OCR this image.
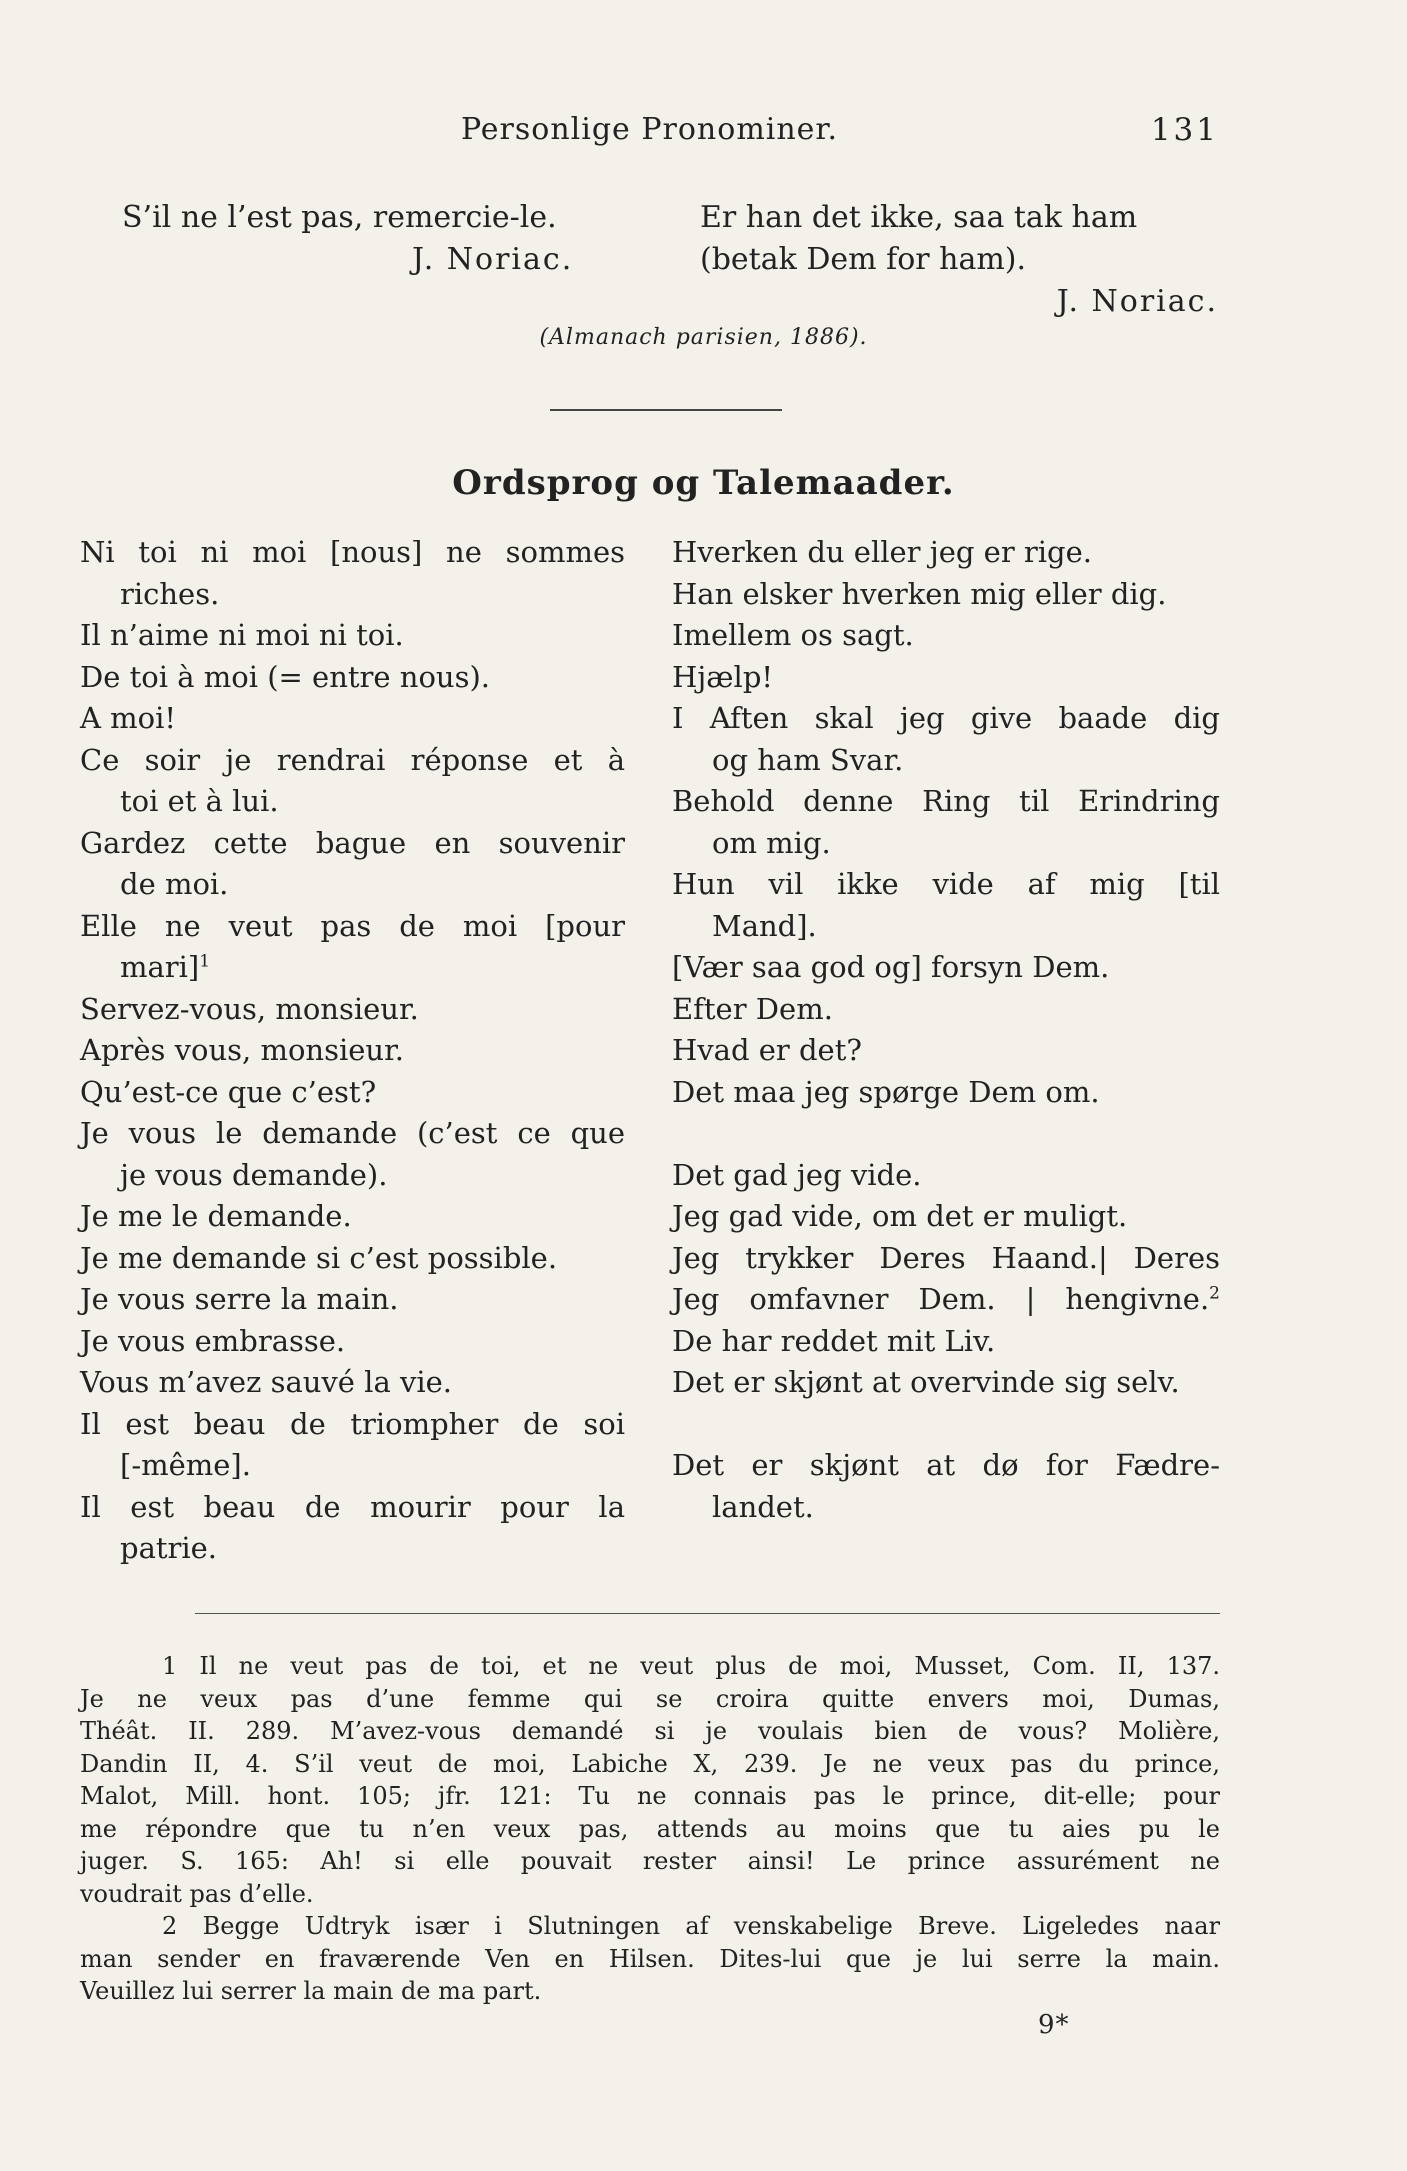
Personlige Pronominer.	131
S’il ne l’est pas, remercie-le.
J. Noriac.
Er han det ikke, saa tak ham
(betak Dem for ham).
J. Noriac.
(Almanach parisien, 1886).
Ordsprog og Talemaader.
Ni toi ni moi [nous] ne sommes
riches.
Il n’aime ni moi ni toi.
De toi à moi (= entre nous).
A moi!
Ce soir je rendrai réponse et à
toi et à lui.
Gardez cette bague en souvenir
de moi.
Elle ne veut pas de moi [pour
mari]$^1$
Servez-vous, monsieur.
Après vous, monsieur.
Qu’est-ce que c’est?
Je vous le demande (c’est ce que
je vous demande).
Je me le demande.
Je me demande si c’est possible.
Je vous serre la main.
Je vous embrasse.
Vous m’avez sauvé la vie.
Il est beau de triompher de soi
[-même].
Il est beau de mourir pour la
patrie.
Hverken du eller jeg er rige.
Han elsker hverken mig eller dig.
Imellem os sagt.
Hjælp!
I Aften skal jeg give baade dig
og ham Svar.
Behold denne Ring til Erindring
om mig.
Hun vil ikke vide af mig [til
Mand].
[Vær saa god og] forsyn Dem.
Efter Dem.
Hvad er det?
Det maa jeg spørge Dem om.
Det gad jeg vide.
Jeg gad vide, om det er muligt.
Jeg trykker Deres Haand.| Deres
Jeg omfavner Dem. | hengivne.$^2$
De har reddet mit Liv.
Det er skjønt at overvinde sig selv.
Det er skjønt at dø for Fædre-
landet.
1 Il ne veut pas de toi, et ne veut plus de moi, Musset, Com. II, 137.
Je ne veux pas d’une femme qui se croira quitte envers moi, Dumas,
Théât. II. 289. M’avez-vous demandé si je voulais bien de vous? Molière,
Dandin II, 4. S’il veut de moi, Labiche X, 239. Je ne veux pas du prince,
Malot, Mill. hont. 105; jfr. 121: Tu ne connais pas le prince, dit-elle; pour
me répondre que tu n’en veux pas, attends au moins que tu aies pu le
juger. S. 165: Ah! si elle pouvait rester ainsi! Le prince assurément ne
voudrait pas d’elle.
2 Begge Udtryk især i Slutningen af venskabelige Breve. Ligeledes naar
man sender en fraværende Ven en Hilsen. Dites-lui que je lui serre la main.
Veuillez lui serrer la main de ma part.
9*
